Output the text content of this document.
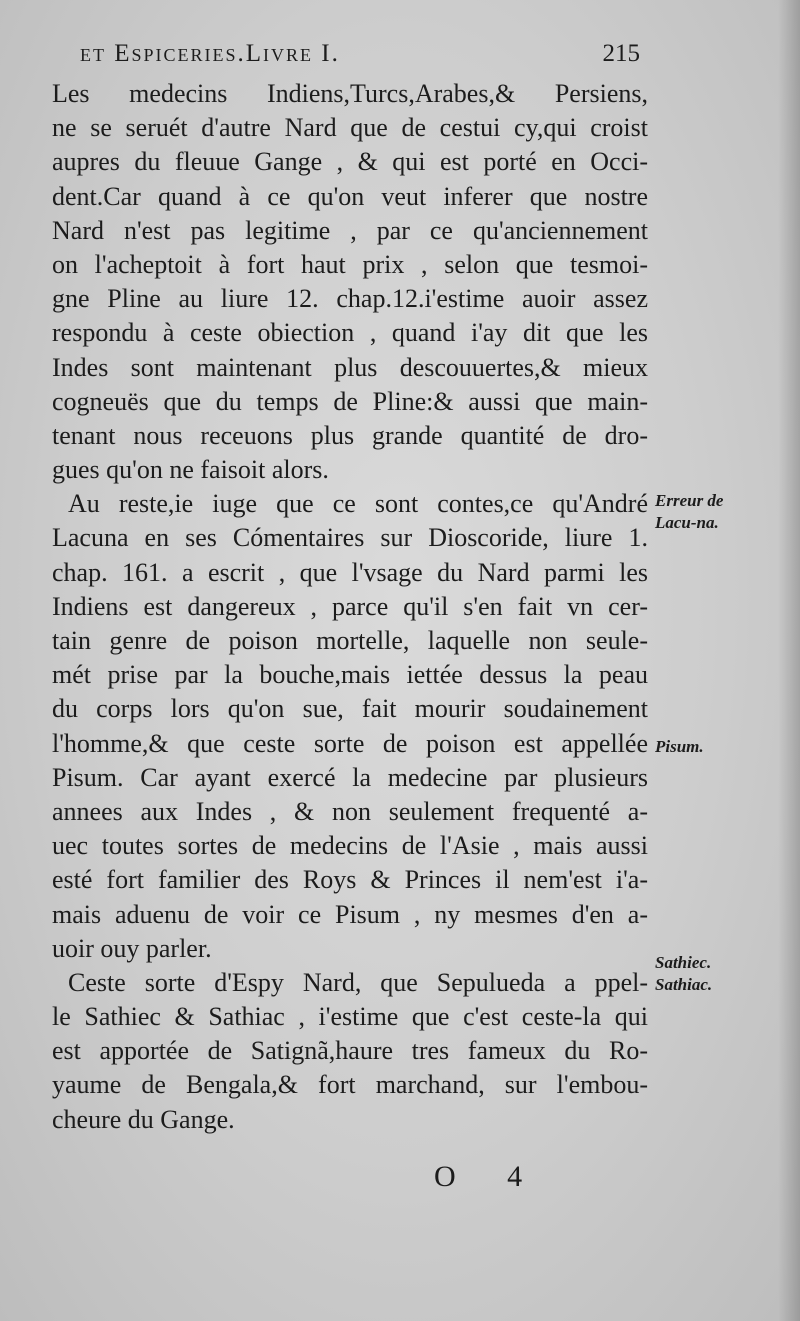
et Espiceries.Livre I.	215
Les medecins Indiens,Turcs,Arabes,& Persiens,
ne se seruét d'autre Nard que de cestui cy,qui croist
aupres du fleuue Gange , & qui est porté en Occi-
dent.Car quand à ce qu'on veut inferer que nostre
Nard n'est pas legitime , par ce qu'anciennement
on l'acheptoit à fort haut prix , selon que tesmoi-
gne Pline au liure 12. chap.12.i'estime auoir assez
respondu à ceste obiection , quand i'ay dit que les
Indes sont maintenant plus descouuertes,& mieux
cogneuës que du temps de Pline:& aussi que main-
tenant nous receuons plus grande quantité de dro-
gues qu'on ne faisoit alors.
Au reste,ie iuge que ce sont contes,ce qu'André
Lacuna en ses Cómentaires sur Dioscoride, liure 1.
chap. 161. a escrit , que l'vsage du Nard parmi les
Indiens est dangereux , parce qu'il s'en fait vn cer-
tain genre de poison mortelle, laquelle non seule-
mét prise par la bouche,mais iettée dessus la peau
du corps lors qu'on sue, fait mourir soudainement
l'homme,& que ceste sorte de poison est appellée
Pisum. Car ayant exercé la medecine par plusieurs
annees aux Indes , & non seulement frequenté a-
uec toutes sortes de medecins de l'Asie , mais aussi
esté fort familier des Roys & Princes il nem'est i'a-
mais aduenu de voir ce Pisum , ny mesmes d'en a-
uoir ouy parler.
Ceste sorte d'Espy Nard, que Sepulueda a ppel-
le Sathiec & Sathiac , i'estime que c'est ceste-la qui
est apportée de Satignã,haure tres fameux du Ro-
yaume de Bengala,& fort marchand, sur l'embou-
cheure du Gange.
Erreur de Lacu-na.
Pisum.
Sathiec. Sathiac.
O 4
